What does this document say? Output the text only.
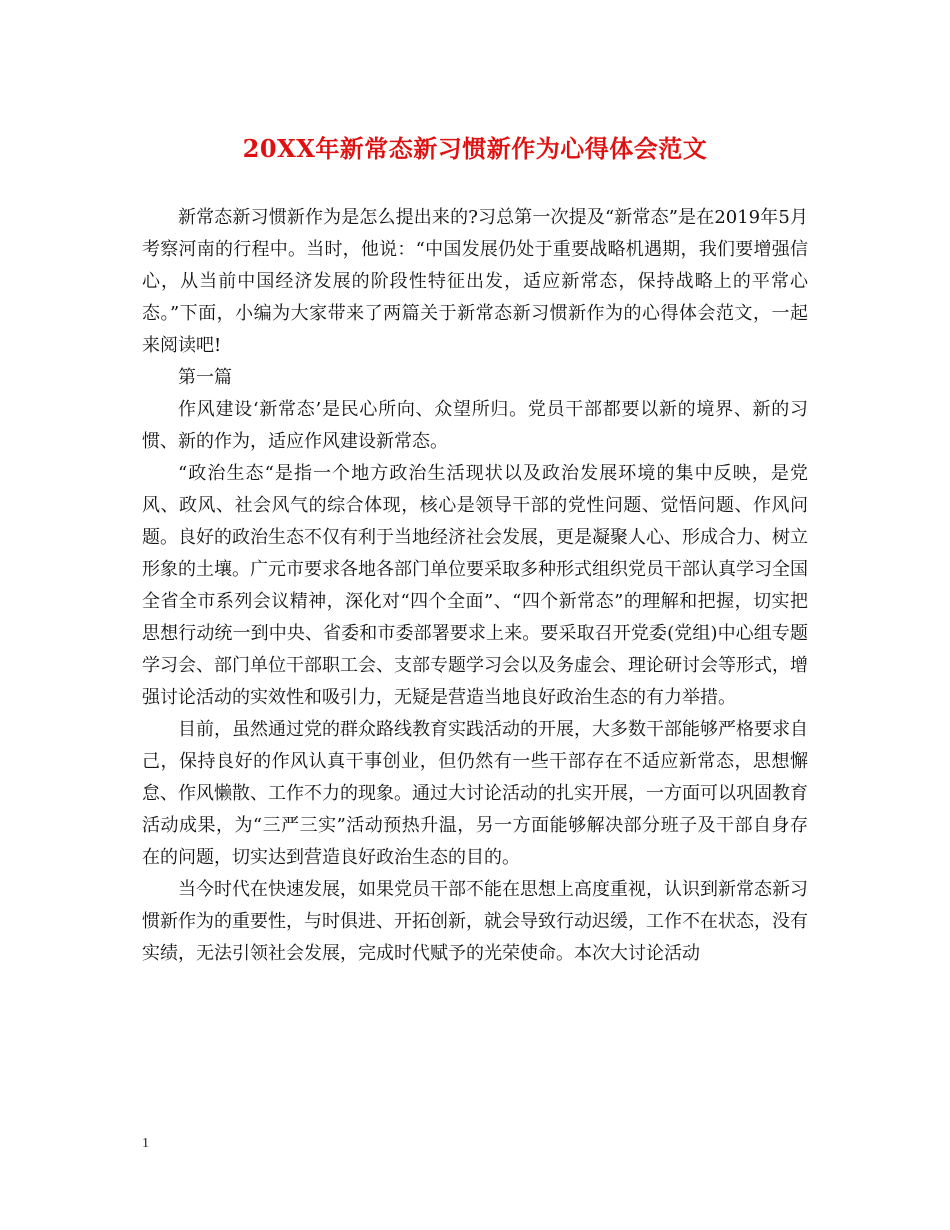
20XX年新常态新习惯新作为心得体会范文

新常态新习惯新作为是怎么提出来的?习总第一次提及“新常态”是在2019年5月考察河南的行程中。当时，他说：“中国发展仍处于重要战略机遇期，我们要增强信心，从当前中国经济发展的阶段性特征出发，适应新常态，保持战略上的平常心态。”下面，小编为大家带来了两篇关于新常态新习惯新作为的心得体会范文，一起来阅读吧!

第一篇

作风建设‘新常态’是民心所向、众望所归。党员干部都要以新的境界、新的习惯、新的作为，适应作风建设新常态。

“政治生态“是指一个地方政治生活现状以及政治发展环境的集中反映，是党风、政风、社会风气的综合体现，核心是领导干部的党性问题、觉悟问题、作风问题。良好的政治生态不仅有利于当地经济社会发展，更是凝聚人心、形成合力、树立形象的土壤。广元市要求各地各部门单位要采取多种形式组织党员干部认真学习全国全省全市系列会议精神，深化对“四个全面”、“四个新常态”的理解和把握，切实把思想行动统一到中央、省委和市委部署要求上来。要采取召开党委(党组)中心组专题学习会、部门单位干部职工会、支部专题学习会以及务虚会、理论研讨会等形式，增强讨论活动的实效性和吸引力，无疑是营造当地良好政治生态的有力举措。

目前，虽然通过党的群众路线教育实践活动的开展，大多数干部能够严格要求自己，保持良好的作风认真干事创业，但仍然有一些干部存在不适应新常态，思想懈怠、作风懒散、工作不力的现象。通过大讨论活动的扎实开展，一方面可以巩固教育活动成果，为“三严三实”活动预热升温，另一方面能够解决部分班子及干部自身存在的问题，切实达到营造良好政治生态的目的。

当今时代在快速发展，如果党员干部不能在思想上高度重视，认识到新常态新习惯新作为的重要性，与时俱进、开拓创新，就会导致行动迟缓，工作不在状态，没有实绩，无法引领社会发展，完成时代赋予的光荣使命。本次大讨论活动

1
